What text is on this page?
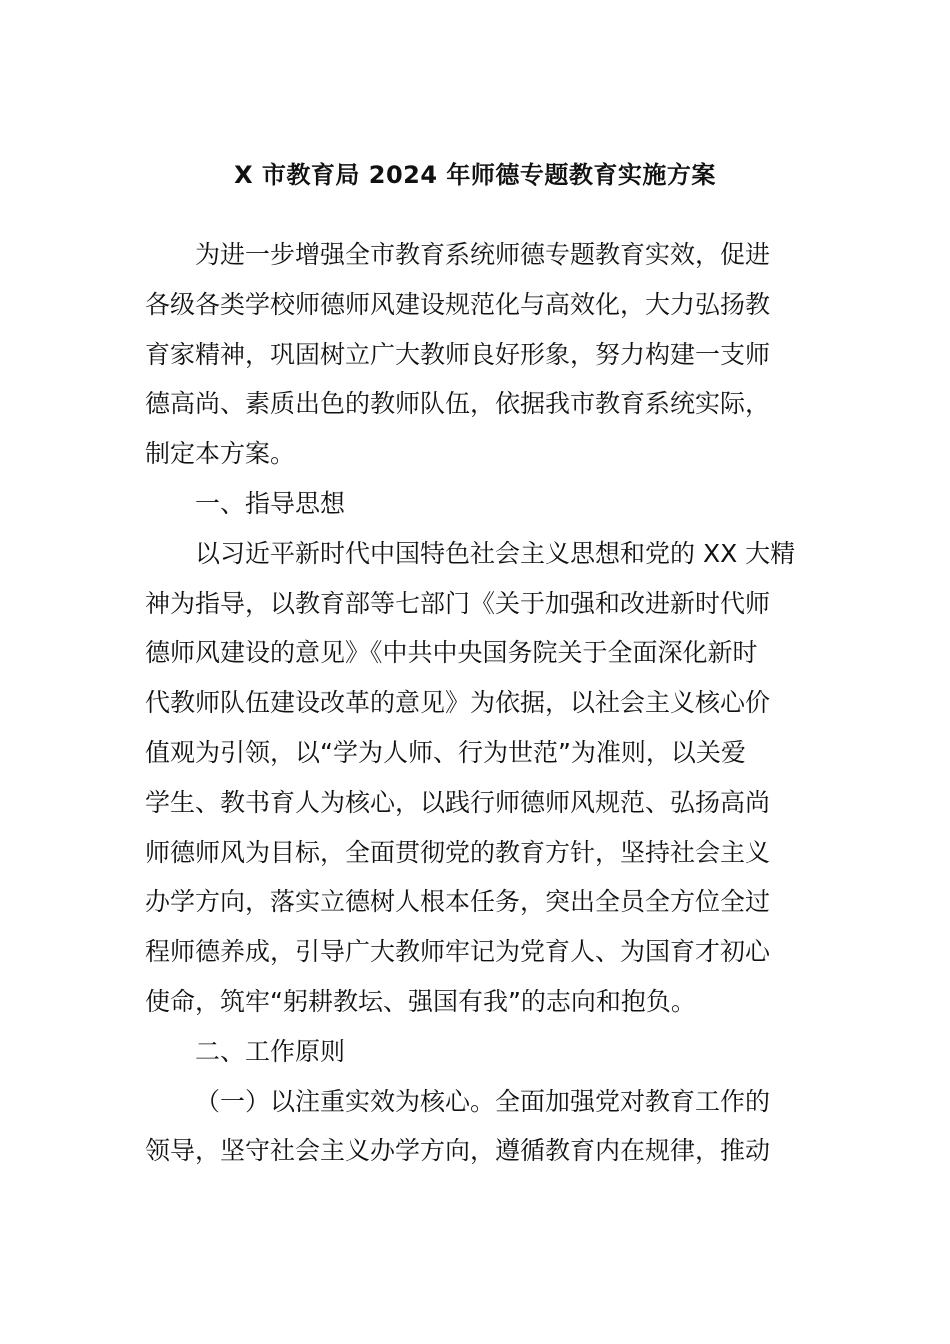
X 市教育局 2024 年师德专题教育实施方案
为进一步增强全市教育系统师德专题教育实效，促进
各级各类学校师德师风建设规范化与高效化，大力弘扬教
育家精神，巩固树立广大教师良好形象，努力构建一支师
德高尚、素质出色的教师队伍，依据我市教育系统实际，
制定本方案。
一、指导思想
以习近平新时代中国特色社会主义思想和党的 XX 大精
神为指导，以教育部等七部门《关于加强和改进新时代师
德师风建设的意见》《中共中央国务院关于全面深化新时
代教师队伍建设改革的意见》为依据，以社会主义核心价
值观为引领，以“学为人师、行为世范”为准则，以关爱
学生、教书育人为核心，以践行师德师风规范、弘扬高尚
师德师风为目标，全面贯彻党的教育方针，坚持社会主义
办学方向，落实立德树人根本任务，突出全员全方位全过
程师德养成，引导广大教师牢记为党育人、为国育才初心
使命，筑牢“躬耕教坛、强国有我”的志向和抱负。
二、工作原则
（一）以注重实效为核心。全面加强党对教育工作的
领导，坚守社会主义办学方向，遵循教育内在规律，推动
